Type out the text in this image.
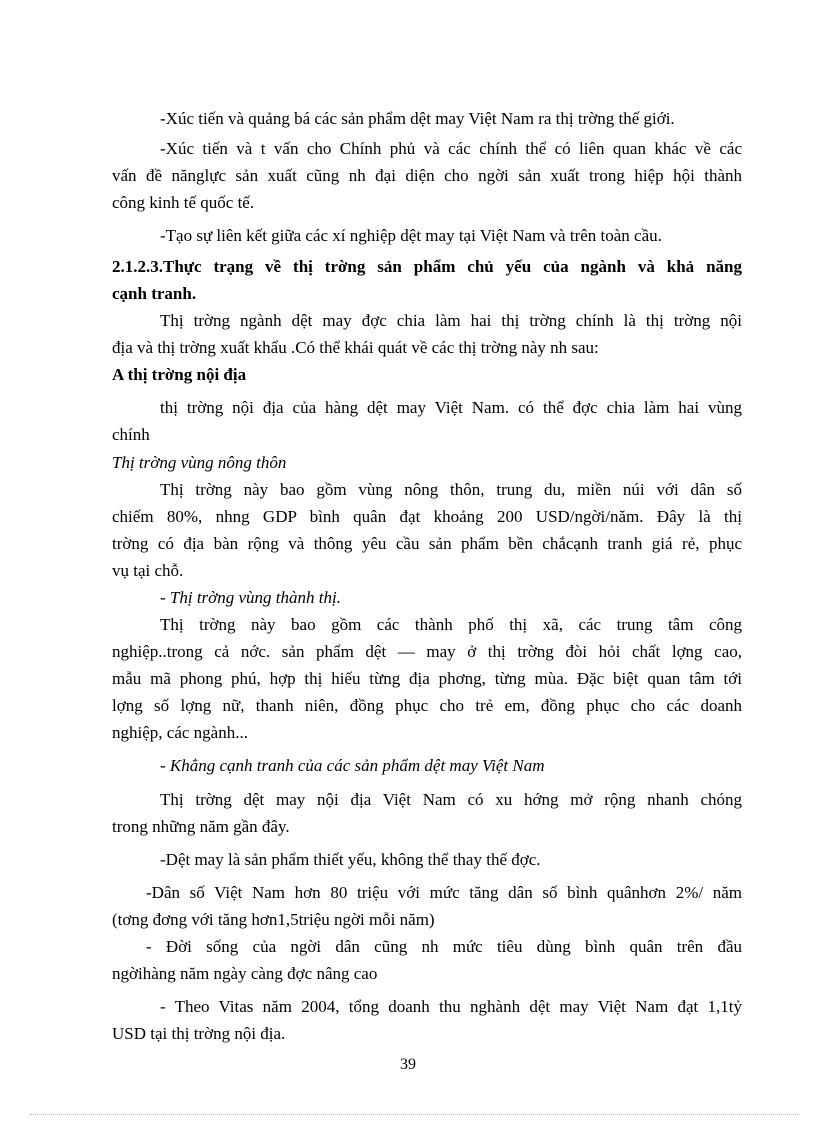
-Xúc tiến và quảng bá các sản phẩm dệt may Việt Nam ra thị trờng thế giới.
-Xúc tiến và t vấn cho Chính phủ và các chính thể có liên quan khác về các
vấn đề nănglực sản xuất cũng nh đại diện cho ngời sản xuất trong hiệp hội thành
công kinh tế quốc tế.
-Tạo sự liên kết giữa các xí nghiệp dệt may tại Việt Nam và trên toàn cầu.
2.1.2.3.Thực trạng về thị trờng sản phẩm chủ yếu của ngành và khả năng
cạnh tranh.
Thị trờng ngành dệt may đợc chia làm hai thị trờng chính là thị trờng nội
địa và thị trờng xuất khẩu .Có thể khái quát về các thị trờng này nh sau:
A thị trờng nội địa
thị trờng nội địa của hàng dệt may Việt Nam. có thể đợc chia làm hai vùng
chính
Thị trờng vùng nông thôn
Thị trờng này bao gồm vùng nông thôn, trung du, miền núi với dân số
chiếm 80%, nhng GDP bình quân đạt khoảng 200 USD/ngời/năm. Đây là thị
trờng có địa bàn rộng và thông yêu cầu sản phẩm bền chắcạnh tranh giá rẻ, phục
vụ tại chỗ.
- Thị trờng vùng thành thị.
Thị trờng này bao gồm các thành phố thị xã, các trung tâm công
nghiệp..trong cả nớc. sản phẩm dệt — may ở thị trờng đòi hỏi chất lợng cao,
mẫu mã phong phú, hợp thị hiếu từng địa phơng, từng mùa. Đặc biệt quan tâm tới
lợng số lợng nữ, thanh niên, đồng phục cho trẻ em, đồng phục cho các doanh
nghiệp, các ngành...
- Khẳng cạnh tranh của các sản phẩm dệt may Việt Nam
Thị trờng dệt may nội địa Việt Nam có xu hớng mở rộng nhanh chóng
trong những năm gần đây.
-Dệt may là sản phẩm thiết yếu, không thể thay thế đợc.
-Dân số Việt Nam hơn 80 triệu với mức tăng dân số bình quânhơn 2%/ năm
(tơng đơng với tăng hơn1,5triệu ngời mỗi năm)
- Đời sống của ngời dân cũng nh mức tiêu dùng bình quân trên đầu
ngờihàng năm ngày càng đợc nâng cao
- Theo Vitas năm 2004, tổng doanh thu nghành dệt may Việt Nam đạt 1,1tỷ
USD tại thị trờng nội địa.
39
